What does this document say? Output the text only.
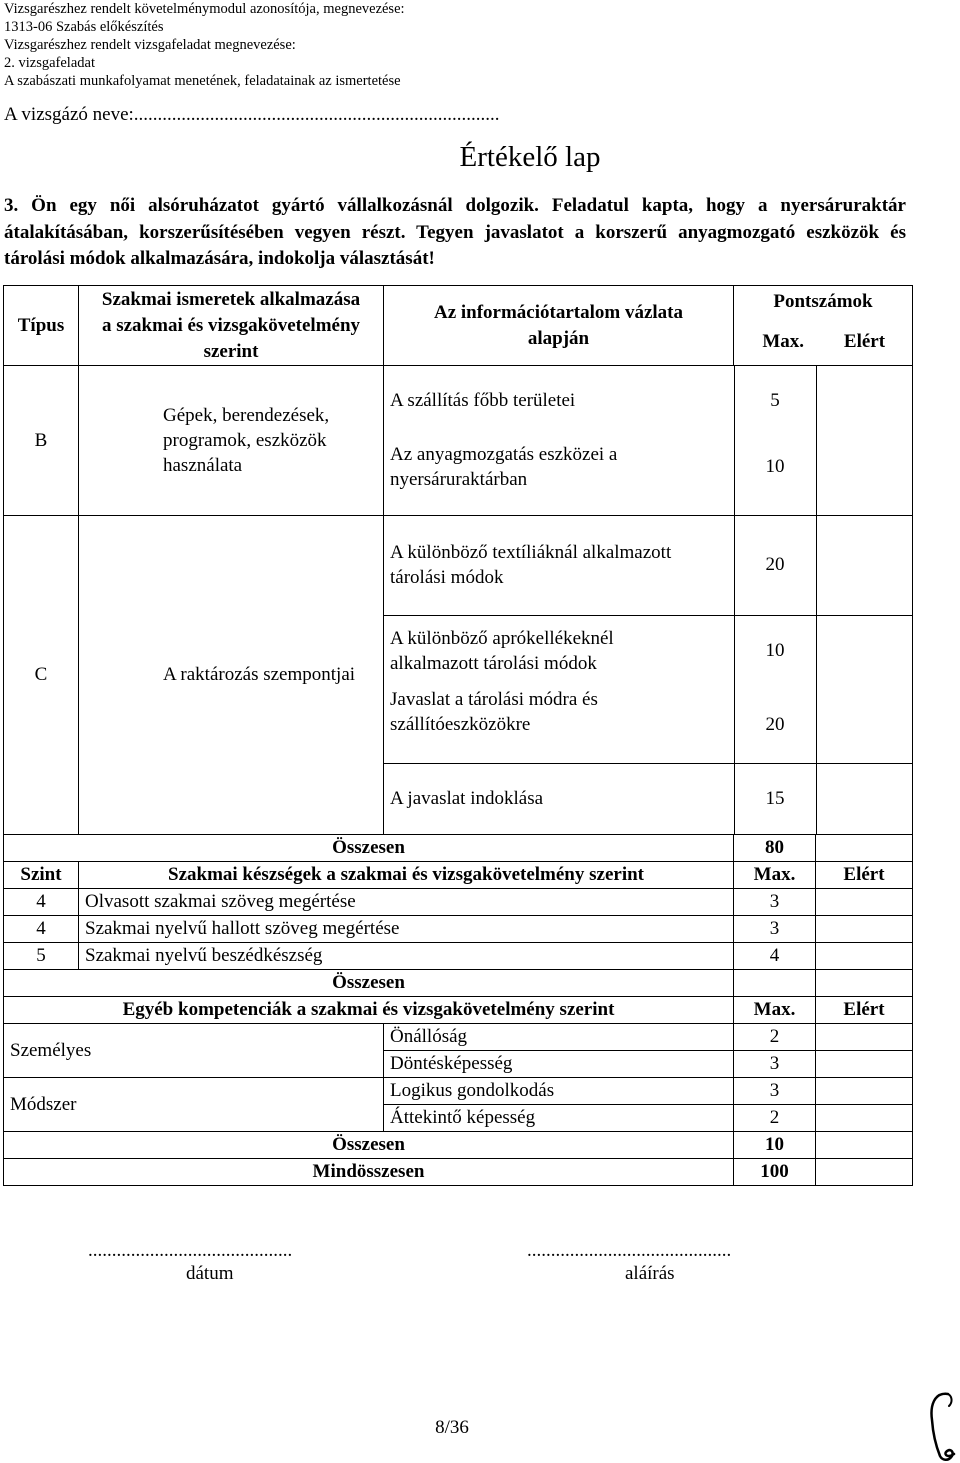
Vizsgarészhez rendelt követelménymodul azonosítója, megnevezése:
1313-06 Szabás előkészítés
Vizsgarészhez rendelt vizsgafeladat megnevezése:
2. vizsgafeladat
A szabászati munkafolyamat menetének, feladatainak az ismertetése
A vizsgázó neve:.............................................................................
Értékelő lap
3. Ön egy női alsóruházatot gyártó vállalkozásnál dolgozik. Feladatul kapta, hogy a nyersáruraktár átalakításában, korszerűsítésében vegyen részt. Tegyen javaslatot a korszerű anyagmozgató eszközök és tárolási módok alkalmazására, indokolja választását!
Típus	Szakmai ismeretek alkalmazása a szakmai és vizsgakövetelmény szerint	Az információtartalom vázlata alapján	
Pontszámok
Max.	Elért

B	Gépek, berendezések, programok, eszközök használata	
A szállítás főbb területei	5	
Az anyagmozgatás eszközei a nyersáruraktárban	10	

C	A raktározás szempontjai	
A különböző textíliáknál alkalmazott tárolási módok	20	
A különböző aprókellékeknél alkalmazott tárolási módok	10	
Javaslat a tárolási módra és szállítóeszközökre	20	
A javaslat indoklása	15	

Összesen	80	
Szint	Szakmai készségek a szakmai és vizsgakövetelmény szerint	Max.	Elért
4	Olvasott szakmai szöveg megértése	3	
4	Szakmai nyelvű hallott szöveg megértése	3	
5	Szakmai nyelvű beszédkészség	4	
Összesen		
Egyéb kompetenciák a szakmai és vizsgakövetelmény szerint	Max.	Elért
Személyes	Önállóság	2	
Döntésképesség	3	
Módszer	Logikus gondolkodás	3	
Áttekintő képesség	2	
Összesen	10	
Mindösszesen	100	
...........................................
dátum
...........................................
aláírás
8/36
